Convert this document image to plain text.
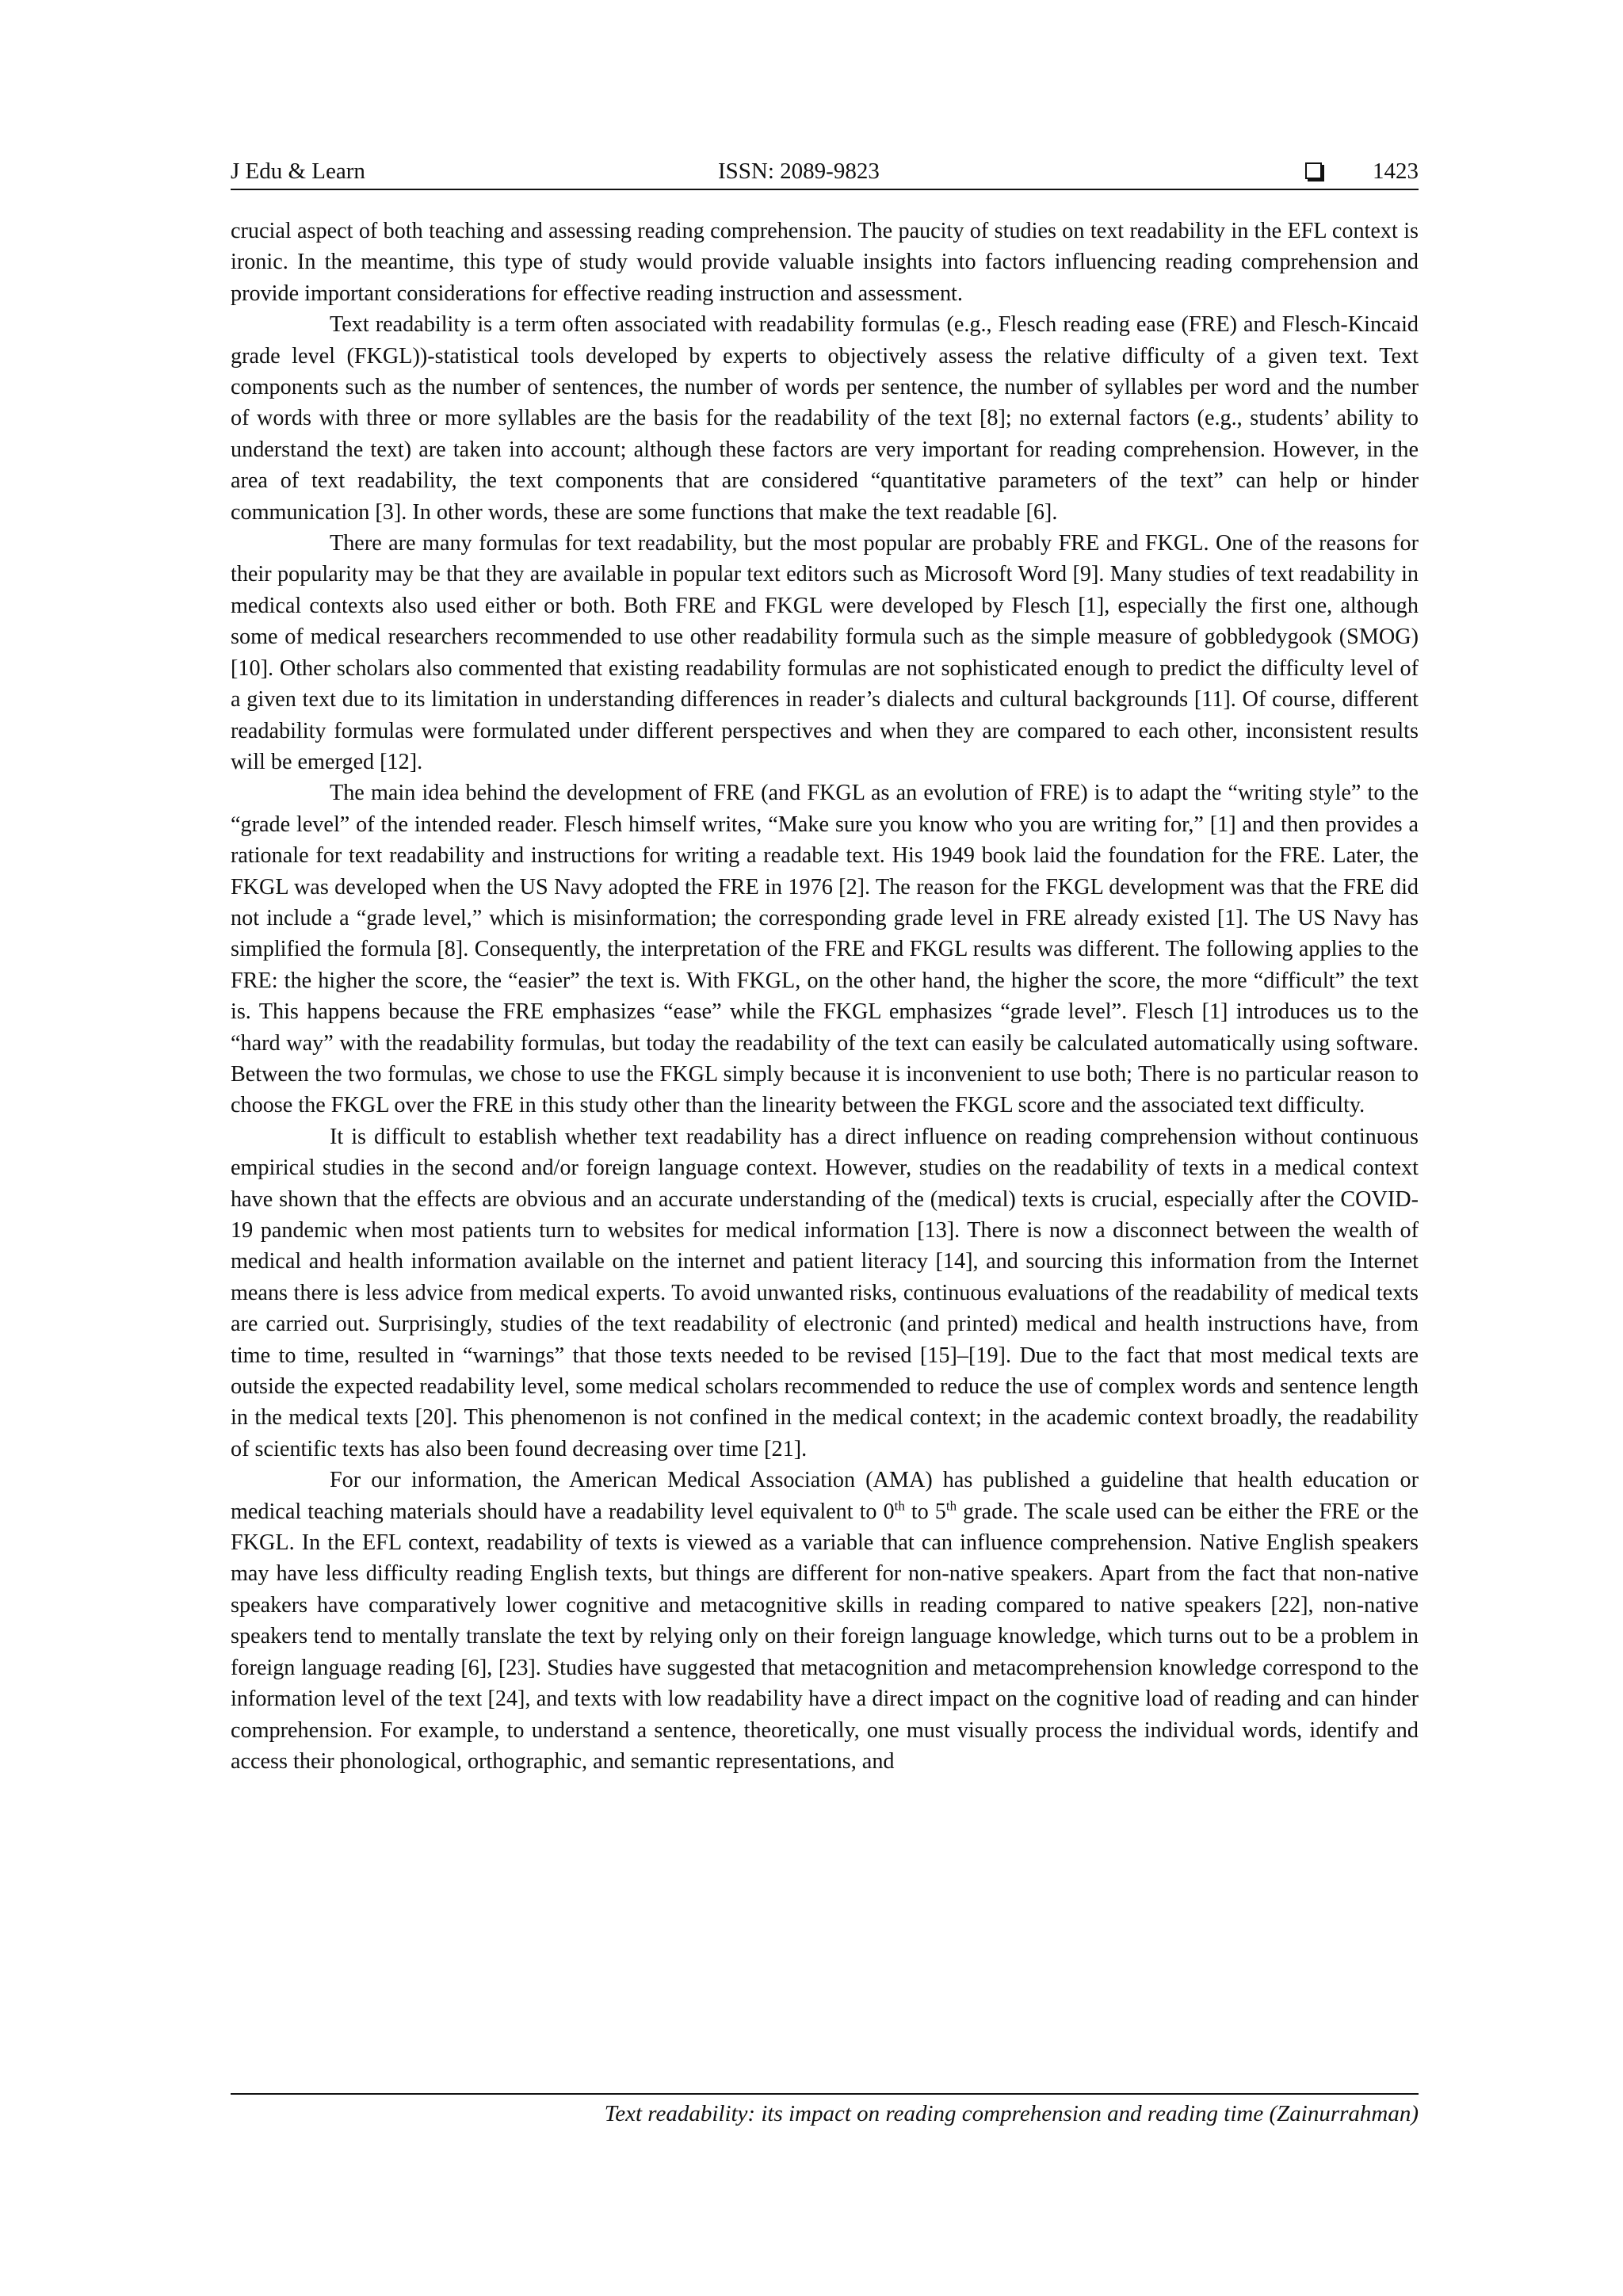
J Edu & Learn	ISSN: 2089-9823	1423

crucial aspect of both teaching and assessing reading comprehension. The paucity of studies on text readability in the EFL context is ironic. In the meantime, this type of study would provide valuable insights into factors influencing reading comprehension and provide important considerations for effective reading instruction and assessment.

Text readability is a term often associated with readability formulas (e.g., Flesch reading ease (FRE) and Flesch-Kincaid grade level (FKGL))-statistical tools developed by experts to objectively assess the relative difficulty of a given text. Text components such as the number of sentences, the number of words per sentence, the number of syllables per word and the number of words with three or more syllables are the basis for the readability of the text [8]; no external factors (e.g., students’ ability to understand the text) are taken into account; although these factors are very important for reading comprehension. However, in the area of text readability, the text components that are considered “quantitative parameters of the text” can help or hinder communication [3]. In other words, these are some functions that make the text readable [6].

There are many formulas for text readability, but the most popular are probably FRE and FKGL. One of the reasons for their popularity may be that they are available in popular text editors such as Microsoft Word [9]. Many studies of text readability in medical contexts also used either or both. Both FRE and FKGL were developed by Flesch [1], especially the first one, although some of medical researchers recommended to use other readability formula such as the simple measure of gobbledygook (SMOG) [10]. Other scholars also commented that existing readability formulas are not sophisticated enough to predict the difficulty level of a given text due to its limitation in understanding differences in reader’s dialects and cultural backgrounds [11]. Of course, different readability formulas were formulated under different perspectives and when they are compared to each other, inconsistent results will be emerged [12].

The main idea behind the development of FRE (and FKGL as an evolution of FRE) is to adapt the “writing style” to the “grade level” of the intended reader. Flesch himself writes, “Make sure you know who you are writing for,” [1] and then provides a rationale for text readability and instructions for writing a readable text. His 1949 book laid the foundation for the FRE. Later, the FKGL was developed when the US Navy adopted the FRE in 1976 [2]. The reason for the FKGL development was that the FRE did not include a “grade level,” which is misinformation; the corresponding grade level in FRE already existed [1]. The US Navy has simplified the formula [8]. Consequently, the interpretation of the FRE and FKGL results was different. The following applies to the FRE: the higher the score, the “easier” the text is. With FKGL, on the other hand, the higher the score, the more “difficult” the text is. This happens because the FRE emphasizes “ease” while the FKGL emphasizes “grade level”. Flesch [1] introduces us to the “hard way” with the readability formulas, but today the readability of the text can easily be calculated automatically using software. Between the two formulas, we chose to use the FKGL simply because it is inconvenient to use both; There is no particular reason to choose the FKGL over the FRE in this study other than the linearity between the FKGL score and the associated text difficulty.

It is difficult to establish whether text readability has a direct influence on reading comprehension without continuous empirical studies in the second and/or foreign language context. However, studies on the readability of texts in a medical context have shown that the effects are obvious and an accurate understanding of the (medical) texts is crucial, especially after the COVID-19 pandemic when most patients turn to websites for medical information [13]. There is now a disconnect between the wealth of medical and health information available on the internet and patient literacy [14], and sourcing this information from the Internet means there is less advice from medical experts. To avoid unwanted risks, continuous evaluations of the readability of medical texts are carried out. Surprisingly, studies of the text readability of electronic (and printed) medical and health instructions have, from time to time, resulted in “warnings” that those texts needed to be revised [15]–[19]. Due to the fact that most medical texts are outside the expected readability level, some medical scholars recommended to reduce the use of complex words and sentence length in the medical texts [20]. This phenomenon is not confined in the medical context; in the academic context broadly, the readability of scientific texts has also been found decreasing over time [21].

For our information, the American Medical Association (AMA) has published a guideline that health education or medical teaching materials should have a readability level equivalent to 0th to 5th grade. The scale used can be either the FRE or the FKGL. In the EFL context, readability of texts is viewed as a variable that can influence comprehension. Native English speakers may have less difficulty reading English texts, but things are different for non-native speakers. Apart from the fact that non-native speakers have comparatively lower cognitive and metacognitive skills in reading compared to native speakers [22], non-native speakers tend to mentally translate the text by relying only on their foreign language knowledge, which turns out to be a problem in foreign language reading [6], [23]. Studies have suggested that metacognition and metacomprehension knowledge correspond to the information level of the text [24], and texts with low readability have a direct impact on the cognitive load of reading and can hinder comprehension. For example, to understand a sentence, theoretically, one must visually process the individual words, identify and access their phonological, orthographic, and semantic representations, and

Text readability: its impact on reading comprehension and reading time (Zainurrahman)
